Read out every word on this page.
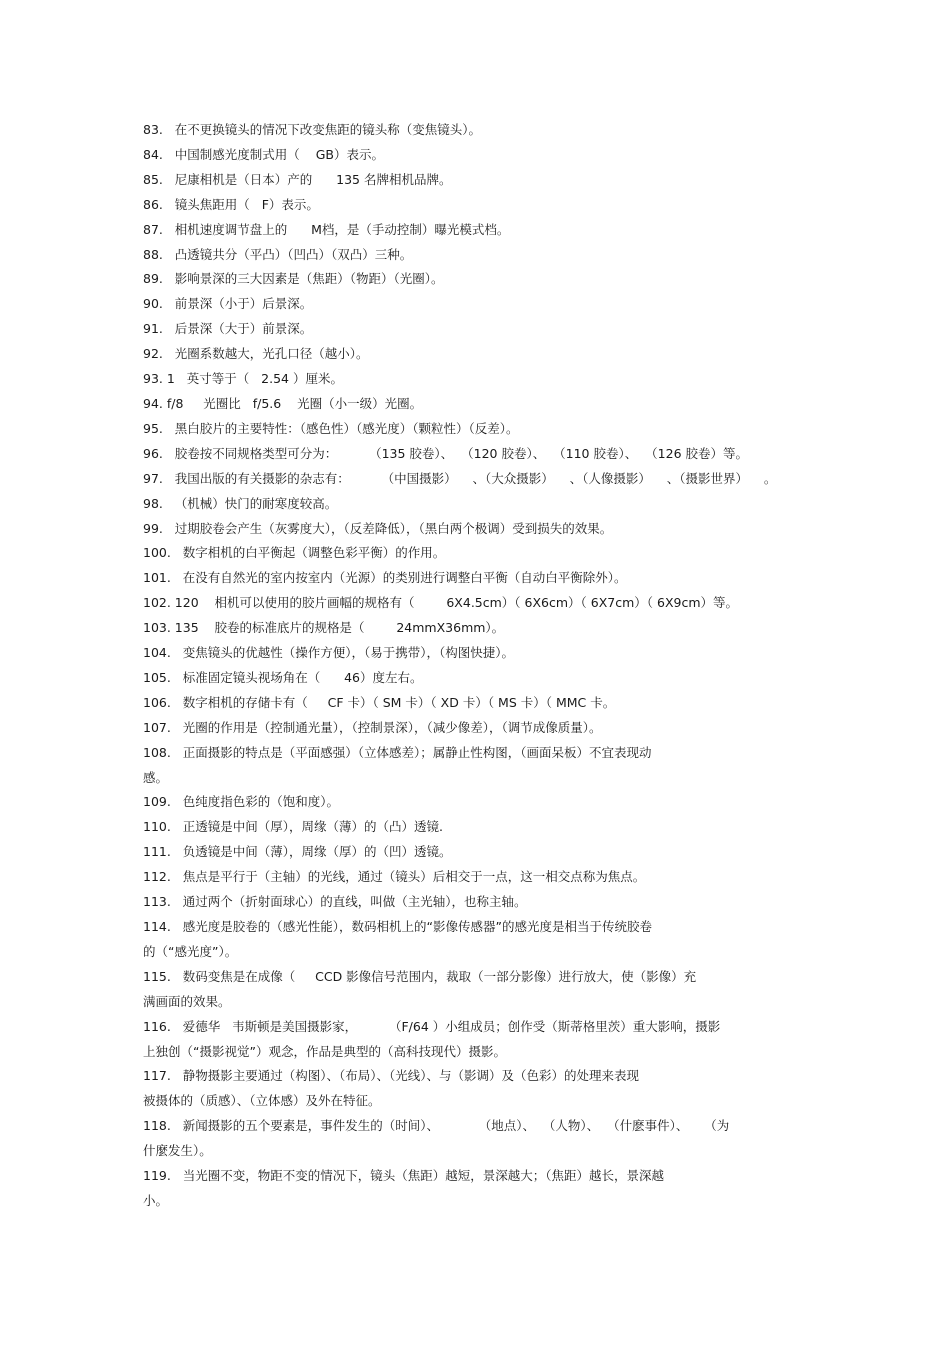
83.   在不更换镜头的情况下改变焦距的镜头称（变焦镜头）。
84.   中国制感光度制式用（    GB）表示。
85.   尼康相机是（日本）产的      135 名牌相机品牌。
86.   镜头焦距用（   F）表示。
87.   相机速度调节盘上的      M档，是（手动控制）曝光模式档。
88.   凸透镜共分（平凸）（凹凸）（双凸）三种。
89.   影响景深的三大因素是（焦距）（物距）（光圈）。
90.   前景深（小于）后景深。
91.   后景深（大于）前景深。
92.   光圈系数越大，光孔口径（越小）。
93. 1   英寸等于（   2.54 ）厘米。
94. f/8     光圈比   f/5.6    光圈（小一级）光圈。
95.   黑白胶片的主要特性：（感色性）（感光度）（颗粒性）（反差）。
96.   胶卷按不同规格类型可分为：        （135 胶卷）、  （120 胶卷）、  （110 胶卷）、  （126 胶卷）等。
97.   我国出版的有关摄影的杂志有：        （中国摄影）    、（大众摄影）    、（人像摄影）    、（摄影世界）    。
98.   （机械）快门的耐寒度较高。
99.   过期胶卷会产生（灰雾度大），（反差降低），（黑白两个极调）受到损失的效果。
100.   数字相机的白平衡起（调整色彩平衡）的作用。
101.   在没有自然光的室内按室内（光源）的类别进行调整白平衡（自动白平衡除外）。
102. 120    相机可以使用的胶片画幅的规格有（        6X4.5cm）（ 6X6cm）（ 6X7cm）（ 6X9cm）等。
103. 135    胶卷的标准底片的规格是（        24mmX36mm）。
104.   变焦镜头的优越性（操作方便），（易于携带），（构图快捷）。
105.   标准固定镜头视场角在（      46）度左右。
106.   数字相机的存储卡有（     CF 卡）（ SM 卡）（ XD 卡）（ MS 卡）（ MMC 卡。
107.   光圈的作用是（控制通光量），（控制景深），（减少像差），（调节成像质量）。
108.   正面摄影的特点是（平面感强）（立体感差）；属静止性构图，（画面呆板）不宜表现动
感。
109.   色纯度指色彩的（饱和度）。
110.   正透镜是中间（厚），周缘（薄）的（凸）透镜.
111.   负透镜是中间（薄），周缘（厚）的（凹）透镜。
112.   焦点是平行于（主轴）的光线，通过（镜头）后相交于一点，这一相交点称为焦点。
113.   通过两个（折射面球心）的直线，叫做（主光轴），也称主轴。
114.   感光度是胶卷的（感光性能），数码相机上的“影像传感器”的感光度是相当于传统胶卷
的（“感光度”）。
115.   数码变焦是在成像（     CCD 影像信号范围内，裁取（一部分影像）进行放大，使（影像）充
满画面的效果。
116.   爱德华   韦斯顿是美国摄影家，        （F/64 ）小组成员；创作受（斯蒂格里茨）重大影响，摄影
上独创（“摄影视觉”）观念，作品是典型的（高科技现代）摄影。
117.   静物摄影主要通过（构图）、（布局）、（光线）、与（影调）及（色彩）的处理来表现
被摄体的（质感）、（立体感）及外在特征。
118.   新闻摄影的五个要素是，事件发生的（时间）、          （地点）、  （人物）、  （什麽事件）、    （为
什麼发生）。
119.   当光圈不变，物距不变的情况下，镜头（焦距）越短，景深越大；（焦距）越长，景深越
小。
